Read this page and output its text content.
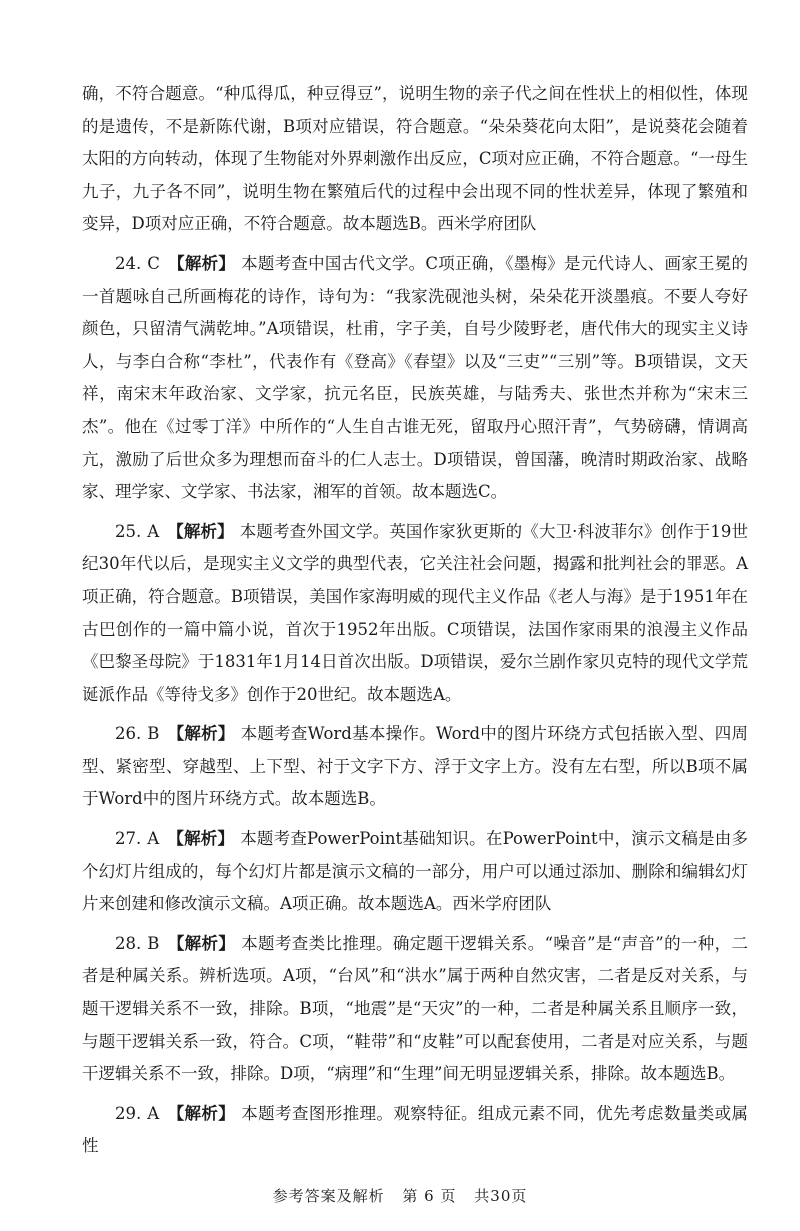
确，不符合题意。“种瓜得瓜，种豆得豆”，说明生物的亲子代之间在性状上的相似性，体现的是遗传，不是新陈代谢，B项对应错误，符合题意。“朵朵葵花向太阳”，是说葵花会随着太阳的方向转动，体现了生物能对外界刺激作出反应，C项对应正确，不符合题意。“一母生九子，九子各不同”，说明生物在繁殖后代的过程中会出现不同的性状差异，体现了繁殖和变异，D项对应正确，不符合题意。故本题选B。西米学府团队

24. C 【解析】 本题考查中国古代文学。C项正确，《墨梅》是元代诗人、画家王冕的一首题咏自己所画梅花的诗作，诗句为：“我家洗砚池头树，朵朵花开淡墨痕。不要人夸好颜色，只留清气满乾坤。”A项错误，杜甫，字子美，自号少陵野老，唐代伟大的现实主义诗人，与李白合称“李杜”，代表作有《登高》《春望》以及“三吏”“三别”等。B项错误，文天祥，南宋末年政治家、文学家，抗元名臣，民族英雄，与陆秀夫、张世杰并称为“宋末三杰”。他在《过零丁洋》中所作的“人生自古谁无死，留取丹心照汗青”，气势磅礴，情调高亢，激励了后世众多为理想而奋斗的仁人志士。D项错误，曾国藩，晚清时期政治家、战略家、理学家、文学家、书法家，湘军的首领。故本题选C。

25. A 【解析】 本题考查外国文学。英国作家狄更斯的《大卫·科波菲尔》创作于19世纪30年代以后，是现实主义文学的典型代表，它关注社会问题，揭露和批判社会的罪恶。A项正确，符合题意。B项错误，美国作家海明威的现代主义作品《老人与海》是于1951年在古巴创作的一篇中篇小说，首次于1952年出版。C项错误，法国作家雨果的浪漫主义作品《巴黎圣母院》于1831年1月14日首次出版。D项错误，爱尔兰剧作家贝克特的现代文学荒诞派作品《等待戈多》创作于20世纪。故本题选A。

26. B 【解析】 本题考查Word基本操作。Word中的图片环绕方式包括嵌入型、四周型、紧密型、穿越型、上下型、衬于文字下方、浮于文字上方。没有左右型，所以B项不属于Word中的图片环绕方式。故本题选B。

27. A 【解析】 本题考查PowerPoint基础知识。在PowerPoint中，演示文稿是由多个幻灯片组成的，每个幻灯片都是演示文稿的一部分，用户可以通过添加、删除和编辑幻灯片来创建和修改演示文稿。A项正确。故本题选A。西米学府团队

28. B 【解析】 本题考查类比推理。确定题干逻辑关系。“噪音”是“声音”的一种，二者是种属关系。辨析选项。A项，“台风”和“洪水”属于两种自然灾害，二者是反对关系，与题干逻辑关系不一致，排除。B项，“地震”是“天灾”的一种，二者是种属关系且顺序一致，与题干逻辑关系一致，符合。C项，“鞋带”和“皮鞋”可以配套使用，二者是对应关系，与题干逻辑关系不一致，排除。D项，“病理”和“生理”间无明显逻辑关系，排除。故本题选B。

29. A 【解析】 本题考查图形推理。观察特征。组成元素不同，优先考虑数量类或属性

参考答案及解析 第 6 页 共30页
